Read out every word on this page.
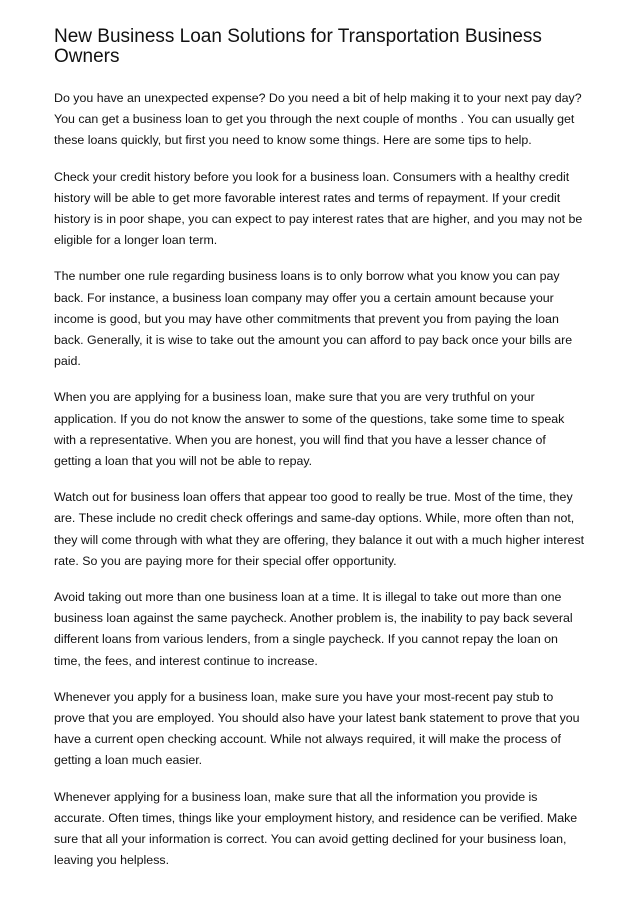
New Business Loan Solutions for Transportation Business Owners

Do you have an unexpected expense? Do you need a bit of help making it to your next pay day? You can get a business loan to get you through the next couple of months . You can usually get these loans quickly, but first you need to know some things. Here are some tips to help.

Check your credit history before you look for a business loan. Consumers with a healthy credit history will be able to get more favorable interest rates and terms of repayment. If your credit history is in poor shape, you can expect to pay interest rates that are higher, and you may not be eligible for a longer loan term.

The number one rule regarding business loans is to only borrow what you know you can pay back. For instance, a business loan company may offer you a certain amount because your income is good, but you may have other commitments that prevent you from paying the loan back. Generally, it is wise to take out the amount you can afford to pay back once your bills are paid.

When you are applying for a business loan, make sure that you are very truthful on your application. If you do not know the answer to some of the questions, take some time to speak with a representative. When you are honest, you will find that you have a lesser chance of getting a loan that you will not be able to repay.

Watch out for business loan offers that appear too good to really be true. Most of the time, they are. These include no credit check offerings and same-day options. While, more often than not, they will come through with what they are offering, they balance it out with a much higher interest rate. So you are paying more for their special offer opportunity.

Avoid taking out more than one business loan at a time. It is illegal to take out more than one business loan against the same paycheck. Another problem is, the inability to pay back several different loans from various lenders, from a single paycheck. If you cannot repay the loan on time, the fees, and interest continue to increase.

Whenever you apply for a business loan, make sure you have your most-recent pay stub to prove that you are employed. You should also have your latest bank statement to prove that you have a current open checking account. While not always required, it will make the process of getting a loan much easier.

Whenever applying for a business loan, make sure that all the information you provide is accurate. Often times, things like your employment history, and residence can be verified. Make sure that all your information is correct. You can avoid getting declined for your business loan, leaving you helpless.
